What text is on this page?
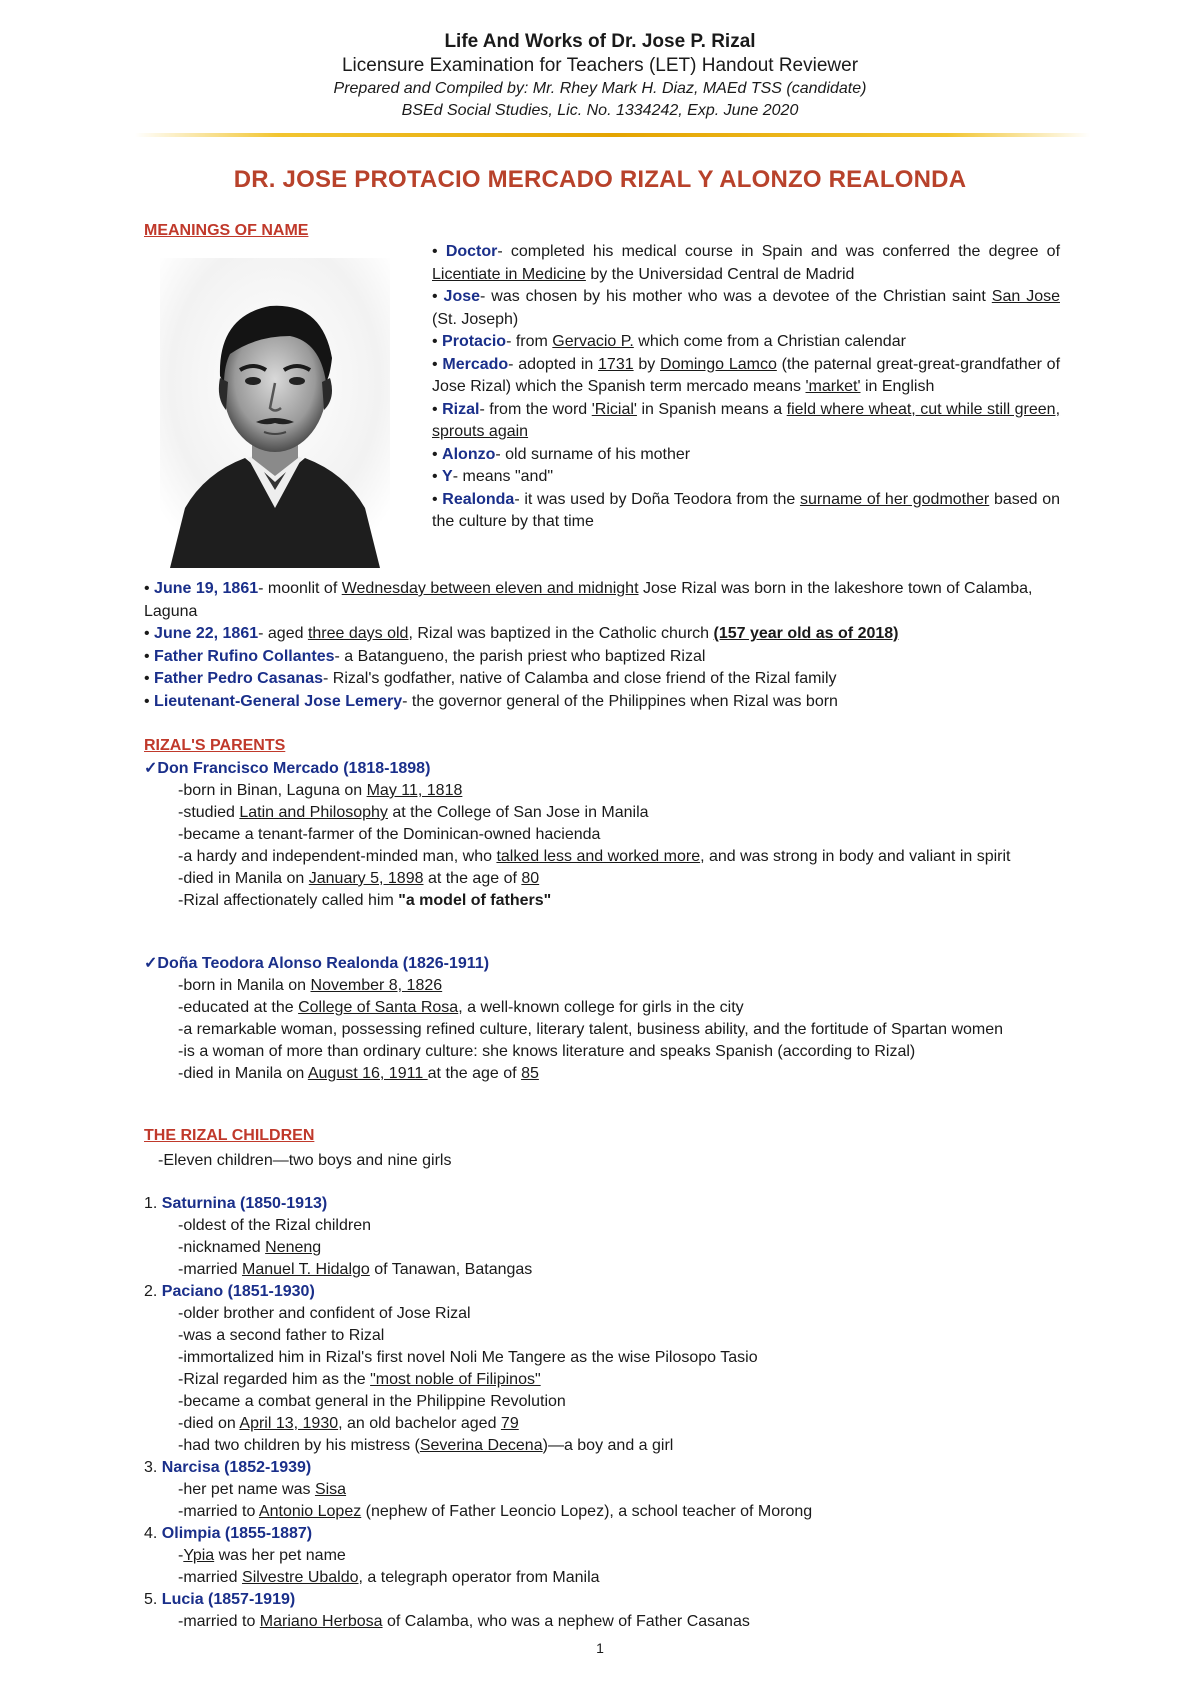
Life And Works of Dr. Jose P. Rizal
Licensure Examination for Teachers (LET) Handout Reviewer
Prepared and Compiled by: Mr. Rhey Mark H. Diaz, MAEd TSS (candidate)
BSEd Social Studies, Lic. No. 1334242, Exp. June 2020
DR. JOSE PROTACIO MERCADO RIZAL Y ALONZO REALONDA
MEANINGS OF NAME

• Doctor- completed his medical course in Spain and was conferred the degree of Licentiate in Medicine by the Universidad Central de Madrid

• Jose- was chosen by his mother who was a devotee of the Christian saint San Jose (St. Joseph)

• Protacio- from Gervacio P. which come from a Christian calendar

• Mercado- adopted in 1731 by Domingo Lamco (the paternal great-great-grandfather of Jose Rizal) which the Spanish term mercado means 'market' in English

• Rizal- from the word 'Ricial' in Spanish means a field where wheat, cut while still green, sprouts again

• Alonzo- old surname of his mother

• Y- means "and"

• Realonda- it was used by Doña Teodora from the surname of her godmother based on the culture by that time

• June 19, 1861- moonlit of Wednesday between eleven and midnight Jose Rizal was born in the lakeshore town of Calamba, Laguna

• June 22, 1861- aged three days old, Rizal was baptized in the Catholic church (157 year old as of 2018)

• Father Rufino Collantes- a Batangueno, the parish priest who baptized Rizal

• Father Pedro Casanas- Rizal's godfather, native of Calamba and close friend of the Rizal family

• Lieutenant-General Jose Lemery- the governor general of the Philippines when Rizal was born

RIZAL'S PARENTS
✓Don Francisco Mercado (1818-1898)

-born in Binan, Laguna on May 11, 1818

-studied Latin and Philosophy at the College of San Jose in Manila

-became a tenant-farmer of the Dominican-owned hacienda

-a hardy and independent-minded man, who talked less and worked more, and was strong in body and valiant in spirit

-died in Manila on January 5, 1898 at the age of 80

-Rizal affectionately called him "a model of fathers"

✓Doña Teodora Alonso Realonda (1826-1911)

-born in Manila on November 8, 1826

-educated at the College of Santa Rosa, a well-known college for girls in the city

-a remarkable woman, possessing refined culture, literary talent, business ability, and the fortitude of Spartan women

-is a woman of more than ordinary culture: she knows literature and speaks Spanish (according to Rizal)

-died in Manila on August 16, 1911 at the age of 85

THE RIZAL CHILDREN
-Eleven children—two boys and nine girls
1. Saturnina (1850-1913)
-oldest of the Rizal children
-nicknamed Neneng
-married Manuel T. Hidalgo of Tanawan, Batangas
2. Paciano (1851-1930)
-older brother and confident of Jose Rizal
-was a second father to Rizal
-immortalized him in Rizal's first novel Noli Me Tangere as the wise Pilosopo Tasio
-Rizal regarded him as the "most noble of Filipinos"
-became a combat general in the Philippine Revolution
-died on April 13, 1930, an old bachelor aged 79
-had two children by his mistress (Severina Decena)—a boy and a girl
3. Narcisa (1852-1939)
-her pet name was Sisa
-married to Antonio Lopez (nephew of Father Leoncio Lopez), a school teacher of Morong
4. Olimpia (1855-1887)
-Ypia was her pet name
-married Silvestre Ubaldo, a telegraph operator from Manila
5. Lucia (1857-1919)
-married to Mariano Herbosa of Calamba, who was a nephew of Father Casanas
1
